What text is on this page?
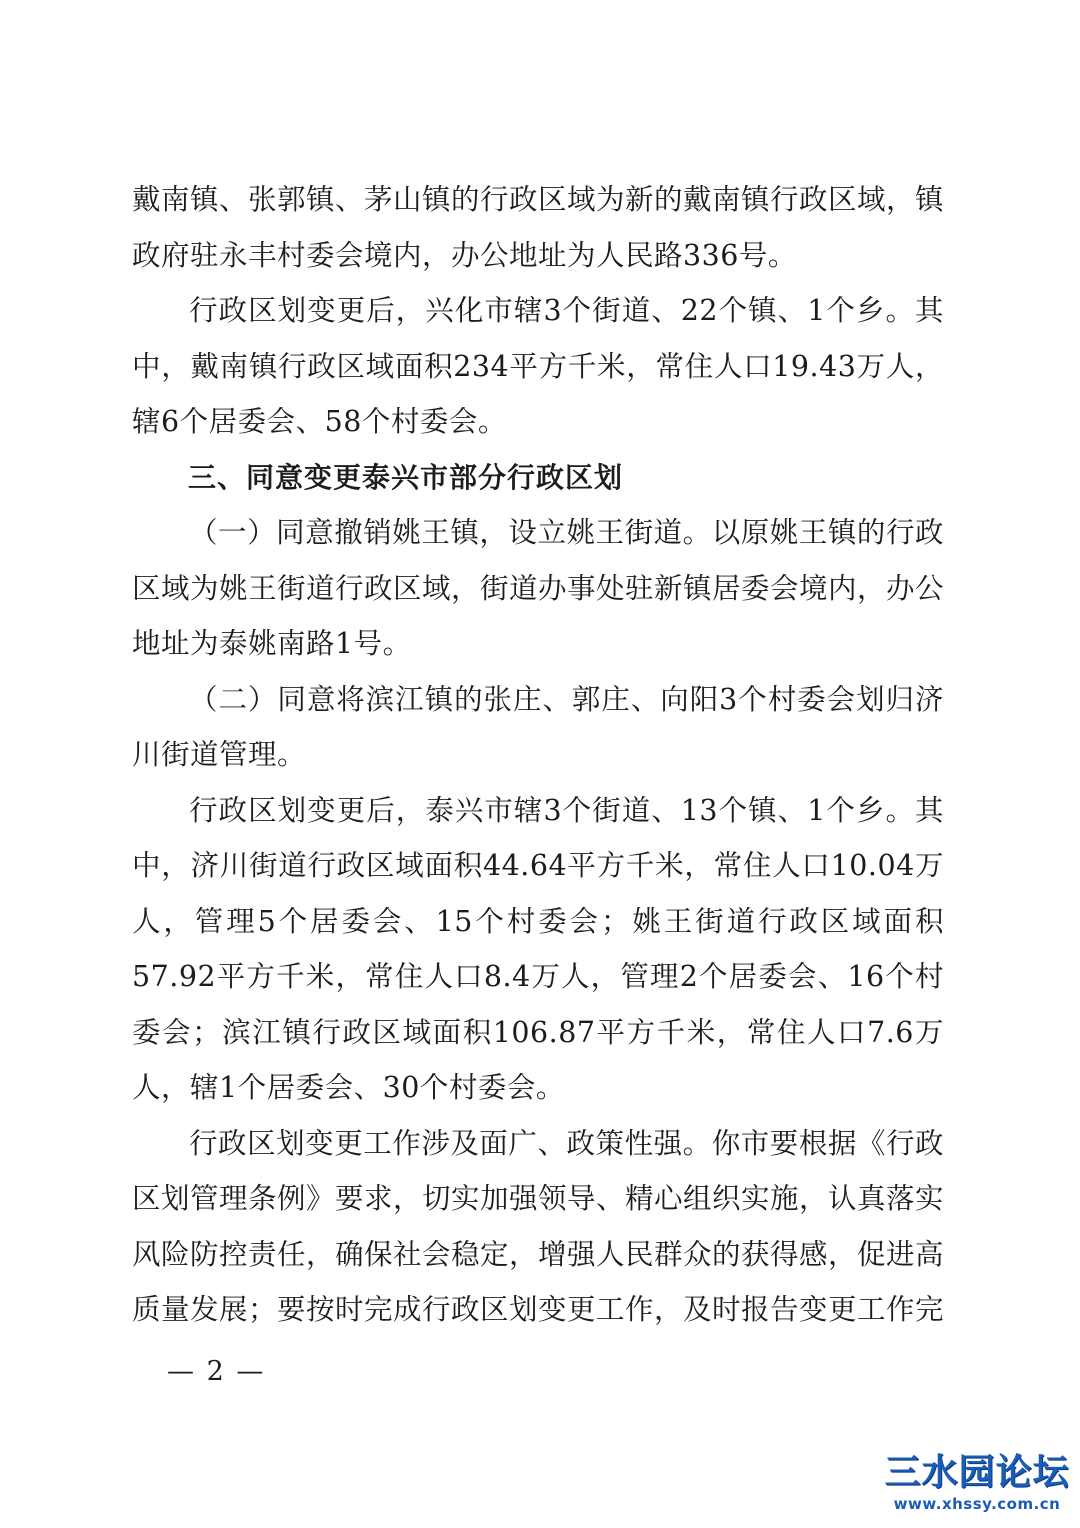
戴南镇、张郭镇、茅山镇的行政区域为新的戴南镇行政区域，镇政府驻永丰村委会境内，办公地址为人民路336号。

行政区划变更后，兴化市辖3个街道、22个镇、1个乡。其中，戴南镇行政区域面积234平方千米，常住人口19.43万人，辖6个居委会、58个村委会。

三、同意变更泰兴市部分行政区划

（一）同意撤销姚王镇，设立姚王街道。以原姚王镇的行政区域为姚王街道行政区域，街道办事处驻新镇居委会境内，办公地址为泰姚南路1号。

（二）同意将滨江镇的张庄、郭庄、向阳3个村委会划归济川街道管理。

行政区划变更后，泰兴市辖3个街道、13个镇、1个乡。其中，济川街道行政区域面积44.64平方千米，常住人口10.04万人，管理5个居委会、15个村委会；姚王街道行政区域面积57.92平方千米，常住人口8.4万人，管理2个居委会、16个村委会；滨江镇行政区域面积106.87平方千米，常住人口7.6万人，辖1个居委会、30个村委会。

行政区划变更工作涉及面广、政策性强。你市要根据《行政区划管理条例》要求，切实加强领导、精心组织实施，认真落实风险防控责任，确保社会稳定，增强人民群众的获得感，促进高质量发展；要按时完成行政区划变更工作，及时报告变更工作完

— 2 —
三水园论坛
www.xhssy.com.cn
